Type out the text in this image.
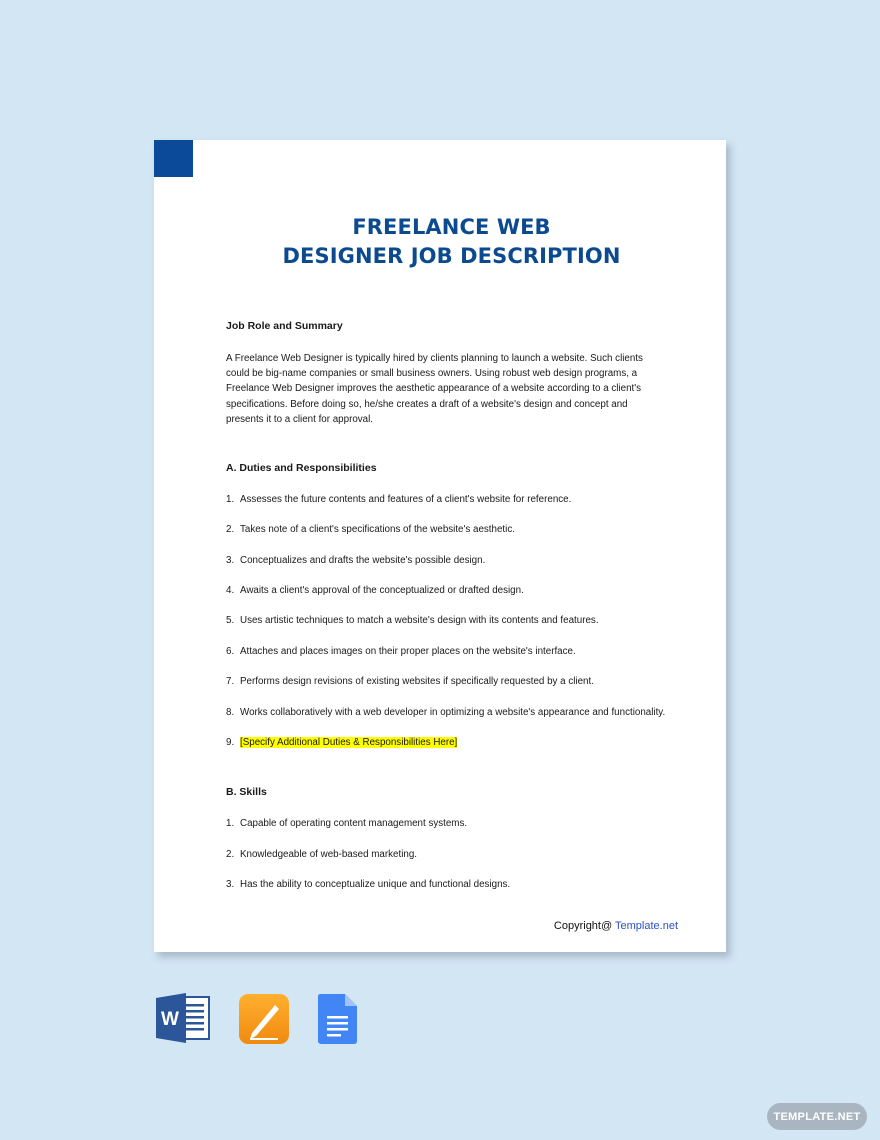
FREELANCE WEB
DESIGNER JOB DESCRIPTION
Job Role and Summary
A Freelance Web Designer is typically hired by clients planning to launch a website. Such clients
could be big-name companies or small business owners. Using robust web design programs, a
Freelance Web Designer improves the aesthetic appearance of a website according to a client's
specifications. Before doing so, he/she creates a draft of a website's design and concept and
presents it to a client for approval.
A. Duties and Responsibilities
1. Assesses the future contents and features of a client's website for reference.
2. Takes note of a client's specifications of the website's aesthetic.
3. Conceptualizes and drafts the website's possible design.
4. Awaits a client's approval of the conceptualized or drafted design.
5. Uses artistic techniques to match a website's design with its contents and features.
6. Attaches and places images on their proper places on the website's interface.
7. Performs design revisions of existing websites if specifically requested by a client.
8. Works collaboratively with a web developer in optimizing a website's appearance and functionality.
9. [Specify Additional Duties & Responsibilities Here]
B. Skills
1. Capable of operating content management systems.
2. Knowledgeable of web-based marketing.
3. Has the ability to conceptualize unique and functional designs.
Copyright@ Template.net
W
TEMPLATE.NET
